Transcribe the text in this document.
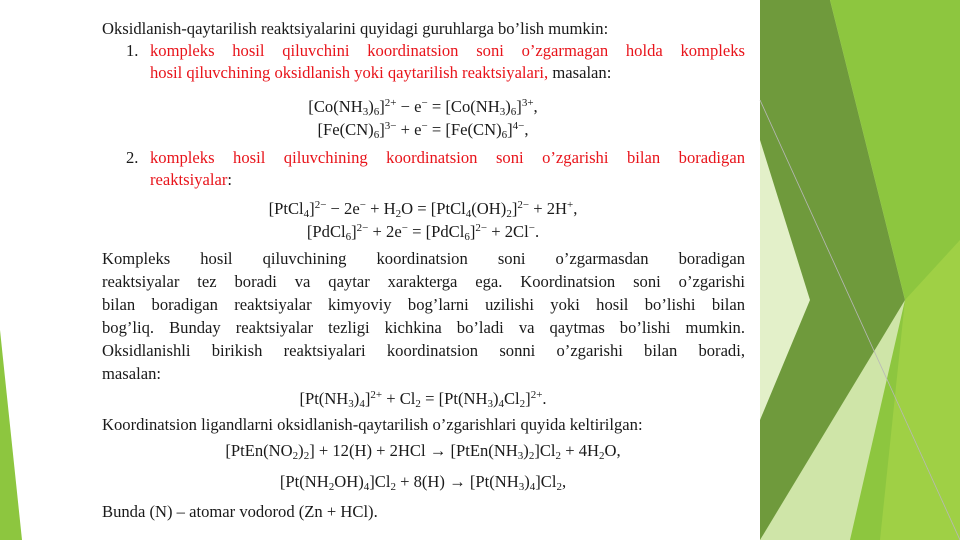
Oksidlanish-qaytarilish reaktsiyalarini quyidagi guruhlarga bo’lish mumkin:
1. kompleks hosil qiluvchini koordinatsion soni o’zgarmagan holda kompleks
hosil qiluvchining oksidlanish yoki qaytarilish reaktsiyalari, masalan:
$[Co(NH_3)_6]^{2+} - e^- = [Co(NH_3)_6]^{3+}$,
$[Fe(CN)_6]^{3-} + e^- = [Fe(CN)_6]^{4-}$,
2. kompleks hosil qiluvchining koordinatsion soni o’zgarishi bilan boradigan
reaktsiyalar:
[PtCl$_4$]$^{2-}$ − $2e^- + H_2O$ = $[PtCl_4(OH)_2]^{2-} + 2H^+$,
[PdCl$_6$]$^{2-}$ + 2e− = [PdCl$_6$]$^{2-}$ + 2Cl−.
Kompleks hosil qiluvchining koordinatsion soni o’zgarmasdan boradigan
reaktsiyalar tez boradi va qaytar xarakterga ega. Koordinatsion soni o’zgarishi
bilan boradigan reaktsiyalar kimyoviy bog’larni uzilishi yoki hosil bo’lishi bilan
bog’liq. Bunday reaktsiyalar tezligi kichkina bo’ladi va qaytmas bo’lishi mumkin.
Oksidlanishli birikish reaktsiyalari koordinatsion sonni o’zgarishi bilan boradi,
masalan:
$[Pt(NH_3)_4]^{2+} + Cl_2 = [Pt(NH_3)_4Cl_2]^{2+}$.
Koordinatsion ligandlarni oksidlanish-qaytarilish o’zgarishlari quyida keltirilgan:
$[PtEn(NO_2)_2] + 12(H) + 2HCl$ → $[PtEn(NH_3)_2]Cl_2 + 4H_2O$,
$[Pt(NH_2OH)_4]Cl_2 + 8(H) \to [Pt(NH_3)_4]Cl_2$,
Bunda (N) – atomar vodorod (Zn + HCl).
